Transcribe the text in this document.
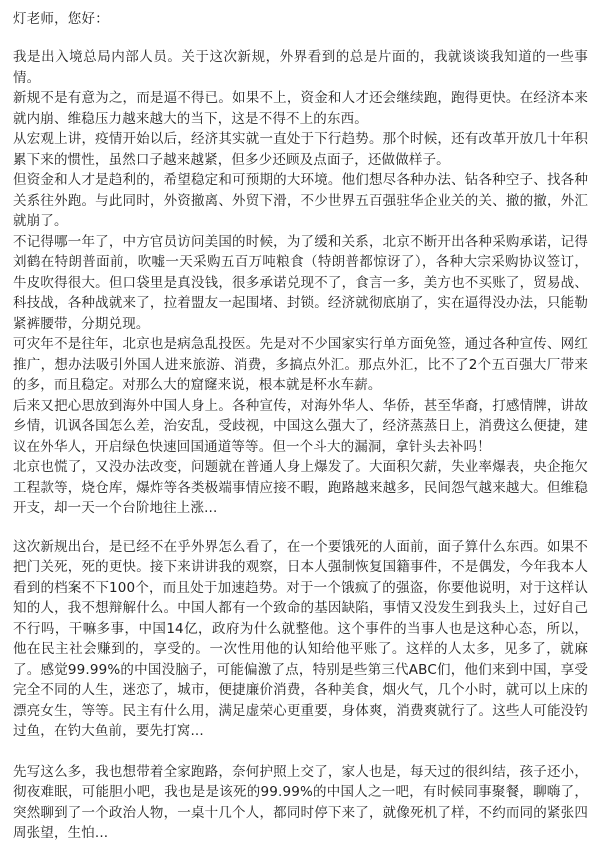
灯老师，您好：

我是出入境总局内部人员。关于这次新规，外界看到的总是片面的，我就谈谈我知道的一些事情。

新规不是有意为之，而是逼不得已。如果不上，资金和人才还会继续跑，跑得更快。在经济本来就内崩、维稳压力越来越大的当下，这是不得不上的东西。

从宏观上讲，疫情开始以后，经济其实就一直处于下行趋势。那个时候，还有改革开放几十年积累下来的惯性，虽然口子越来越紧，但多少还顾及点面子，还做做样子。

但资金和人才是趋利的，希望稳定和可预期的大环境。他们想尽各种办法、钻各种空子、找各种关系往外跑。与此同时，外资撤离、外贸下滑，不少世界五百强驻华企业关的关、撤的撤，外汇就崩了。

不记得哪一年了，中方官员访问美国的时候，为了缓和关系，北京不断开出各种采购承诺，记得刘鹤在特朗普面前，吹嘘一天采购五百万吨粮食（特朗普都惊讶了），各种大宗采购协议签订，牛皮吹得很大。但口袋里是真没钱，很多承诺兑现不了，食言一多，美方也不买账了，贸易战、科技战，各种战就来了，拉着盟友一起围堵、封锁。经济就彻底崩了，实在逼得没办法，只能勒紧裤腰带，分期兑现。

可灾年不是往年，北京也是病急乱投医。先是对不少国家实行单方面免签，通过各种宣传、网红推广，想办法吸引外国人进来旅游、消费，多搞点外汇。那点外汇，比不了2个五百强大厂带来的多，而且稳定。对那么大的窟窿来说，根本就是杯水车薪。

后来又把心思放到海外中国人身上。各种宣传，对海外华人、华侨，甚至华裔，打感情牌，讲故乡情，讥讽各国怎么差，治安乱，受歧视，中国这么强大了，经济蒸蒸日上，消费这么便捷，建议在外华人，开启绿色快速回国通道等等。但一个斗大的漏洞，拿针头去补吗！

北京也慌了，又没办法改变，问题就在普通人身上爆发了。大面积欠薪，失业率爆表，央企拖欠工程款等，烧仓库，爆炸等各类极端事情应接不暇，跑路越来越多，民间怨气越来越大。但维稳开支，却一天一个台阶地往上涨...

这次新规出台，是已经不在乎外界怎么看了，在一个要饿死的人面前，面子算什么东西。如果不把门关死，死的更快。接下来讲讲我的观察，日本人强制恢复国籍事件，不是偶发，今年我本人看到的档案不下100个，而且处于加速趋势。对于一个饿疯了的强盗，你要他说明，对于这样认知的人，我不想辩解什么。中国人都有一个致命的基因缺陷，事情又没发生到我头上，过好自己不行吗，干嘛多事，中国14亿，政府为什么就整他。这个事件的当事人也是这种心态，所以，他在民主社会赚到的，享受的。一次性用他的认知给他平账了。这样的人太多，见多了，就麻了。感觉99.99%的中国没脑子，可能偏激了点，特别是些第三代ABC们，他们来到中国，享受完全不同的人生，迷恋了，城市，便捷廉价消费，各种美食，烟火气，几个小时，就可以上床的漂亮女生，等等。民主有什么用，满足虚荣心更重要，身体爽，消费爽就行了。这些人可能没钓过鱼，在钓大鱼前，要先打窝...

先写这么多，我也想带着全家跑路，奈何护照上交了，家人也是，每天过的很纠结，孩子还小，彻夜难眠，可能胆小吧，我也是是该死的99.99%的中国人之一吧，有时候同事聚餐，聊嗨了，突然聊到了一个政治人物，一桌十几个人，都同时停下来了，就像死机了样，不约而同的紧张四周张望，生怕...
